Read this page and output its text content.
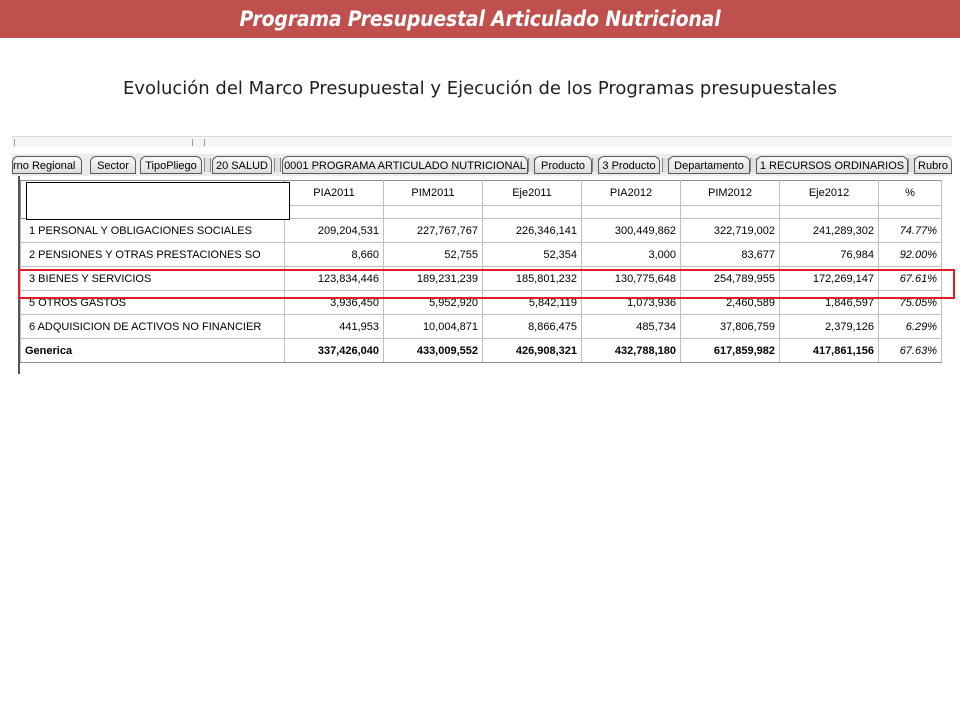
Programa Presupuestal Articulado Nutricional
Evolución del Marco Presupuestal y Ejecución de los Programas presupuestales
rno Regional	Sector	TipoPliego	20 SALUD	0001 PROGRAMA ARTICULADO NUTRICIONAL	Producto	3 Producto	Departamento	1 RECURSOS ORDINARIOS	Rubro
	PIA2011	PIM2011	Eje2011	PIA2012	PIM2012	Eje2012	%

1 PERSONAL Y OBLIGACIONES SOCIALES	209,204,531	227,767,767	226,346,141	300,449,862	322,719,002	241,289,302	74.77%
2 PENSIONES Y OTRAS PRESTACIONES SO	8,660	52,755	52,354	3,000	83,677	76,984	92.00%
3 BIENES Y SERVICIOS	123,834,446	189,231,239	185,801,232	130,775,648	254,789,955	172,269,147	67.61%
5 OTROS GASTOS	3,936,450	5,952,920	5,842,119	1,073,936	2,460,589	1,846,597	75.05%
6 ADQUISICION DE ACTIVOS NO FINANCIER	441,953	10,004,871	8,866,475	485,734	37,806,759	2,379,126	6.29%
Generica	337,426,040	433,009,552	426,908,321	432,788,180	617,859,982	417,861,156	67.63%
